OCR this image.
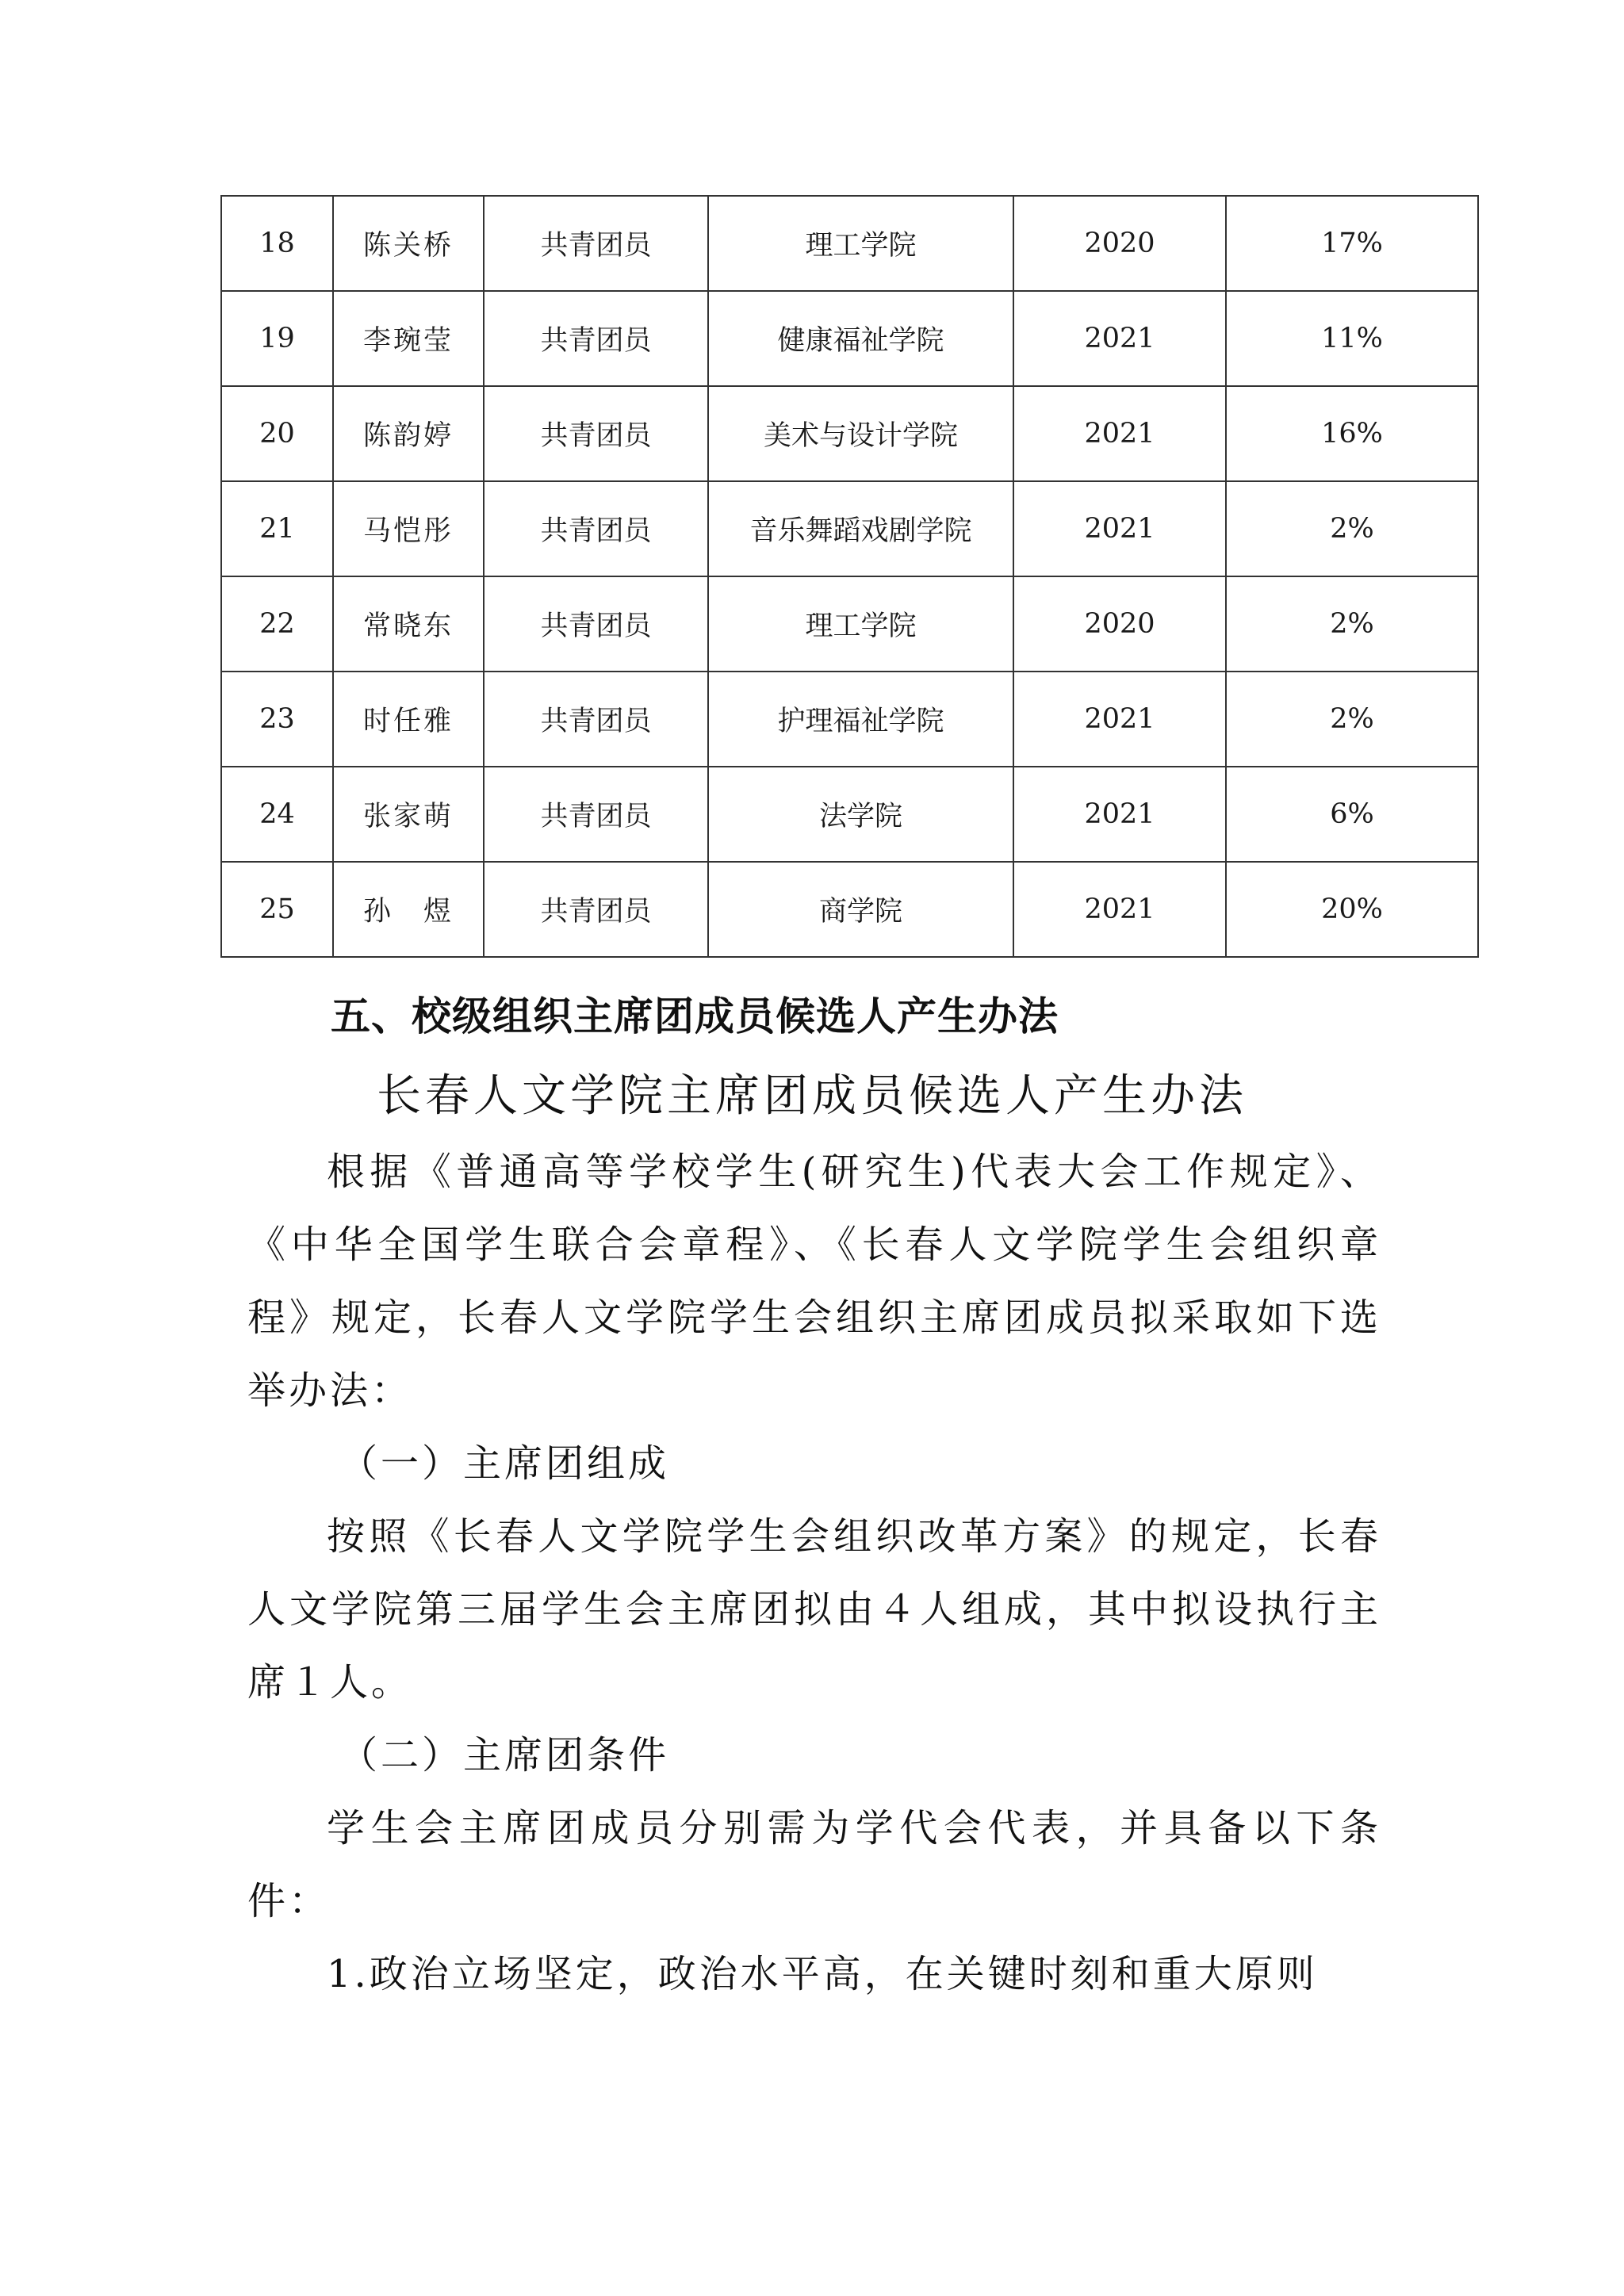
18	陈关桥	共青团员	理工学院	2020	17%
19	李琬莹	共青团员	健康福祉学院	2021	11%
20	陈韵婷	共青团员	美术与设计学院	2021	16%
21	马恺彤	共青团员	音乐舞蹈戏剧学院	2021	2%
22	常晓东	共青团员	理工学院	2020	2%
23	时任雅	共青团员	护理福祉学院	2021	2%
24	张家萌	共青团员	法学院	2021	6%
25	孙　煜	共青团员	商学院	2021	20%
五、校级组织主席团成员候选人产生办法
长春人文学院主席团成员候选人产生办法

根据《普通高等学校学生(研究生)代表大会工作规定》、《中华全国学生联合会章程》、《长春人文学院学生会组织章程》规定，长春人文学院学生会组织主席团成员拟采取如下选举办法：

（一）主席团组成

按照《长春人文学院学生会组织改革方案》的规定，长春人文学院第三届学生会主席团拟由４人组成，其中拟设执行主席１人。

（二）主席团条件

学生会主席团成员分别需为学代会代表，并具备以下条件：

1.政治立场坚定，政治水平高，在关键时刻和重大原则
